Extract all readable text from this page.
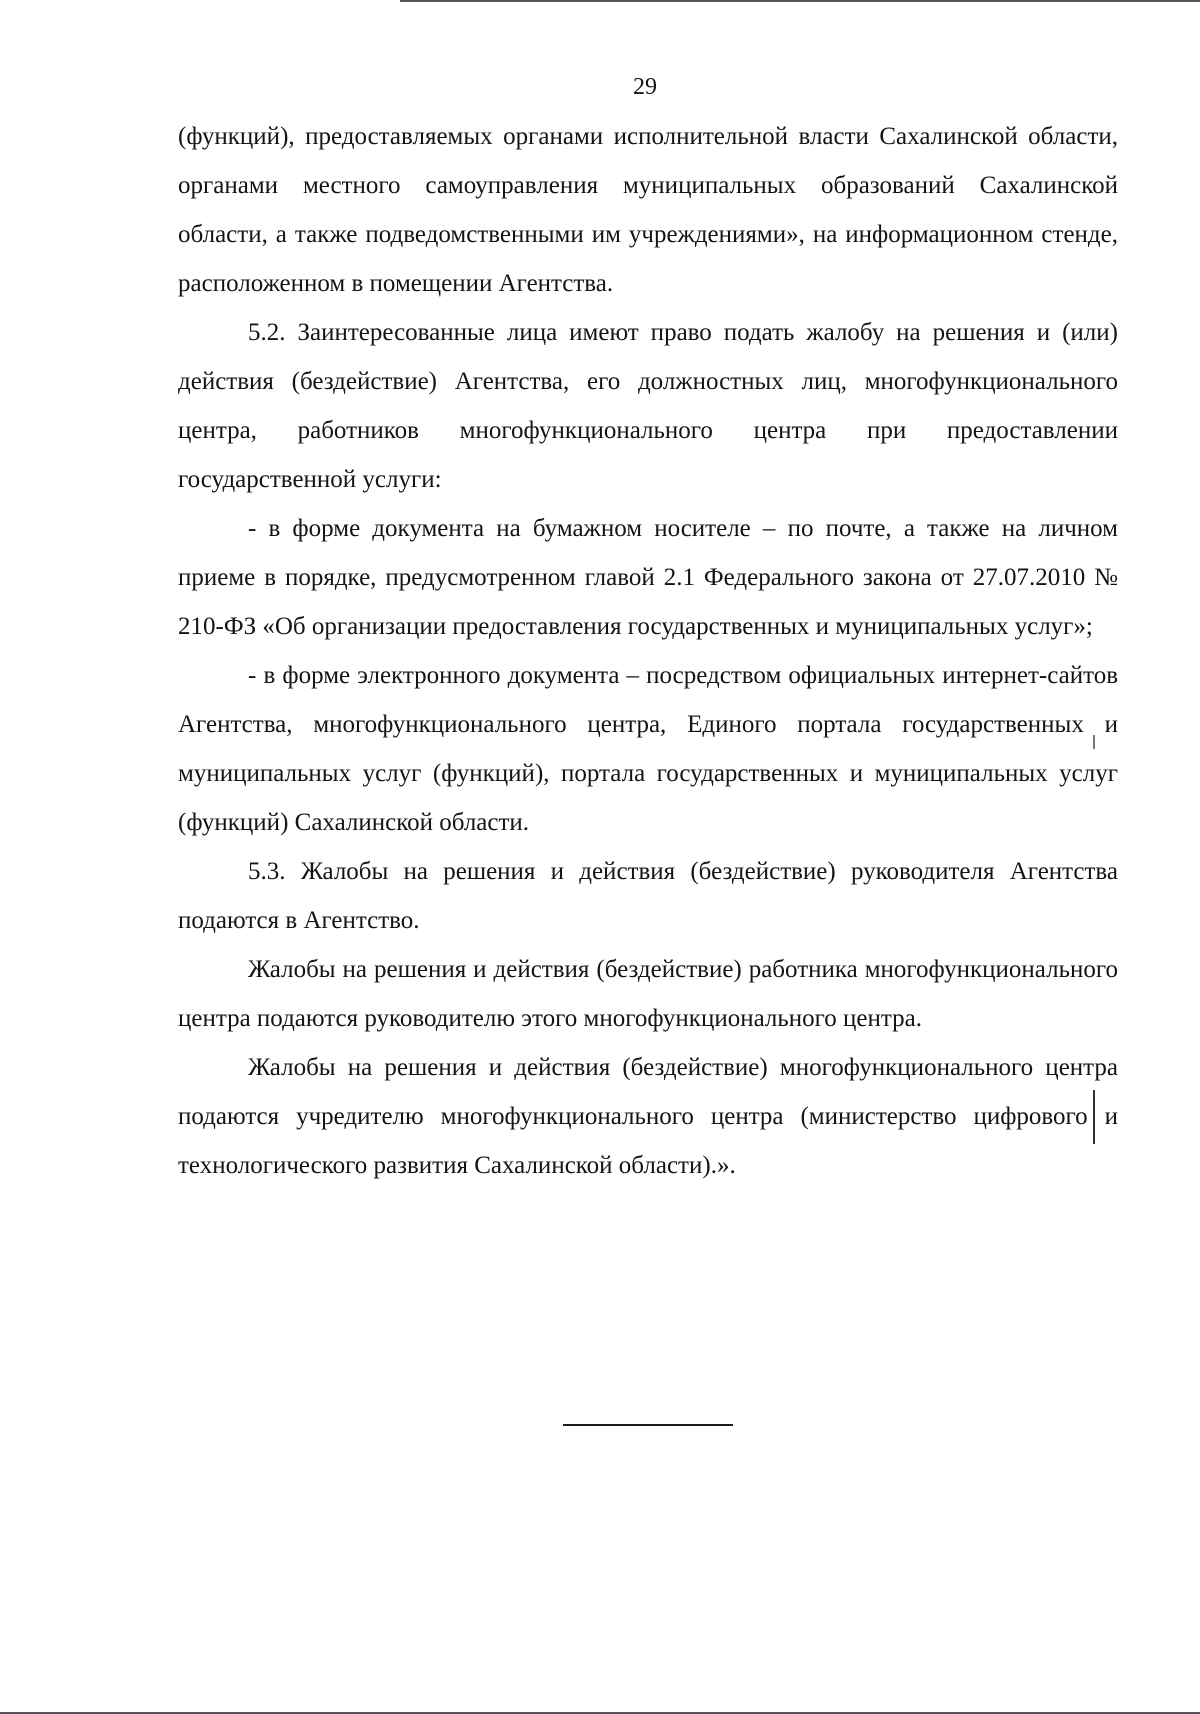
29

(функций), предоставляемых органами исполнительной власти Сахалинской области, органами местного самоуправления муниципальных образований Сахалинской области, а также подведомственными им учреждениями», на информационном стенде, расположенном в помещении Агентства.

5.2. Заинтересованные лица имеют право подать жалобу на решения и (или) действия (бездействие) Агентства, его должностных лиц, многофункционального центра, работников многофункционального центра при предоставлении государственной услуги:

- в форме документа на бумажном носителе – по почте, а также на личном приеме в порядке, предусмотренном главой 2.1 Федерального закона от 27.07.2010 № 210-ФЗ «Об организации предоставления государственных и муниципальных услуг»;

- в форме электронного документа – посредством официальных интернет-сайтов Агентства, многофункционального центра, Единого портала государственных и муниципальных услуг (функций), портала государственных и муниципальных услуг (функций) Сахалинской области.

5.3. Жалобы на решения и действия (бездействие) руководителя Агентства подаются в Агентство.

Жалобы на решения и действия (бездействие) работника многофункционального центра подаются руководителю этого многофункционального центра.

Жалобы на решения и действия (бездействие) многофункционального центра подаются учредителю многофункционального центра (министерство цифрового и технологического развития Сахалинской области).».
